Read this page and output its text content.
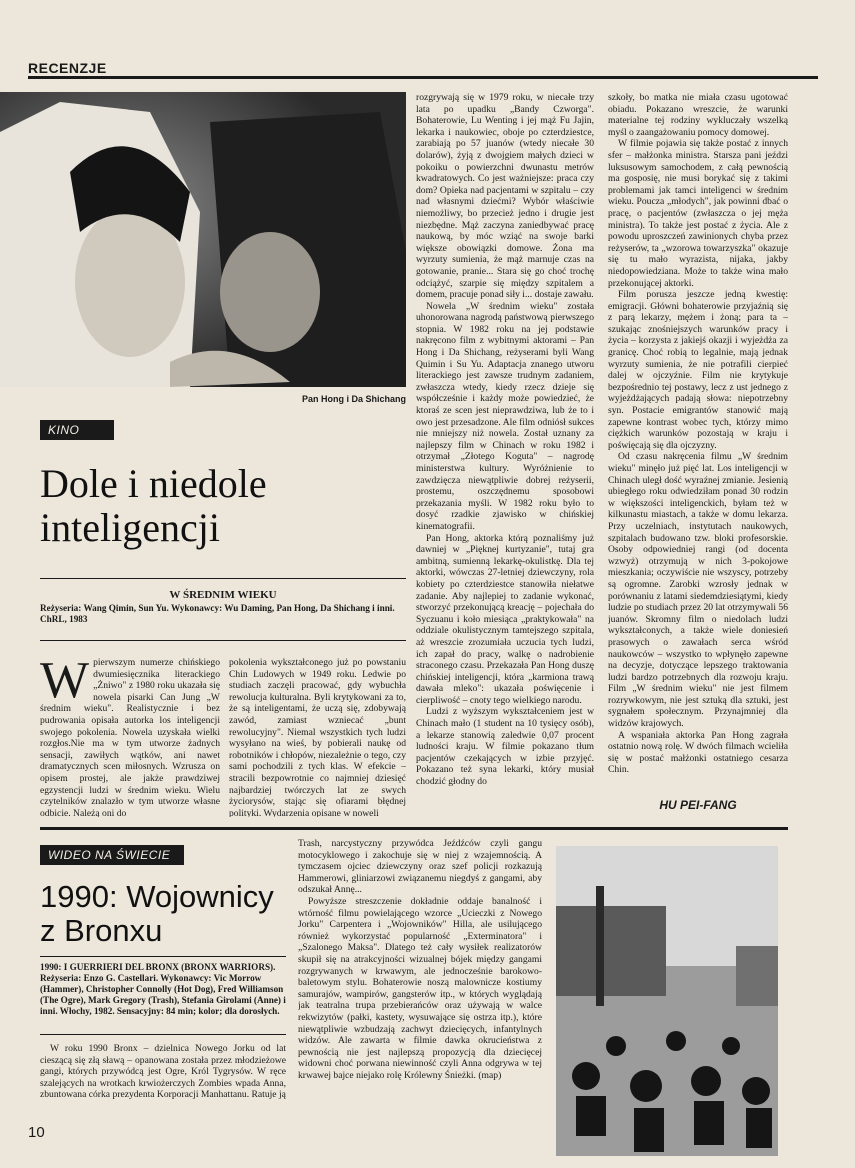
RECENZJE
Pan Hong i Da Shichang
KINO
Dole i niedole inteligencji
W ŚREDNIM WIEKU
Reżyseria: Wang Qimin, Sun Yu. Wykonawcy: Wu Daming, Pan Hong, Da Shichang i inni. ChRL, 1983
W pierwszym numerze chińskiego dwumiesięcznika literackiego „Żniwo" z 1980 roku ukazała się nowela pisarki Can Jung „W średnim wieku". Realistycznie i bez pudrowania opisała autorka los inteligencji swojego pokolenia. Nowela uzyskała wielki rozgłos.Nie ma w tym utworze żadnych sensacji, zawiłych wątków, ani nawet dramatycznych scen miłosnych. Wzrusza on opisem prostej, ale jakże prawdziwej egzystencji ludzi w średnim wieku. Wielu czytelników znalazło w tym utworze własne odbicie. Należą oni do
pokolenia wykształconego już po powstaniu Chin Ludowych w 1949 roku. Ledwie po studiach zaczęli pracować, gdy wybuchła rewolucja kulturalna. Byli krytykowani za to, że są inteligentami, że uczą się, zdobywają zawód, zamiast wzniecać „bunt rewolucyjny". Niemal wszystkich tych ludzi wysyłano na wieś, by pobierali naukę od robotników i chłopów, niezależnie o tego, czy sami pochodzili z tych klas. W efekcie – stracili bezpowrotnie co najmniej dziesięć najbardziej twórczych lat ze swych życiorysów, stając się ofiarami błędnej polityki. Wydarzenia opisane w noweli

rozgrywają się w 1979 roku, w niecałe trzy lata po upadku „Bandy Czworga". Bohaterowie, Lu Wenting i jej mąż Fu Jajin, lekarka i naukowiec, oboje po czterdziestce, zarabiają po 57 juanów (wtedy niecałe 30 dolarów), żyją z dwojgiem małych dzieci w pokoiku o powierzchni dwunastu metrów kwadratowych. Co jest ważniejsze: praca czy dom? Opieka nad pacjentami w szpitalu – czy nad własnymi dziećmi? Wybór właściwie niemożliwy, bo przecież jedno i drugie jest niezbędne. Mąż zaczyna zaniedbywać pracę naukową, by móc wziąć na swoje barki większe obowiązki domowe. Żona ma wyrzuty sumienia, że mąż marnuje czas na gotowanie, pranie... Stara się go choć trochę odciążyć, szarpie się między szpitalem a domem, pracuje ponad siły i... dostaje zawału.

Nowela „W średnim wieku" została uhonorowana nagrodą państwową pierwszego stopnia. W 1982 roku na jej podstawie nakręcono film z wybitnymi aktorami – Pan Hong i Da Shichang, reżyserami byli Wang Quimin i Su Yu. Adaptacja znanego utworu literackiego jest zawsze trudnym zadaniem, zwłaszcza wtedy, kiedy rzecz dzieje się współcześnie i każdy może powiedzieć, że ktoraś ze scen jest nieprawdziwa, lub że to i owo jest przesadzone. Ale film odniósł sukces nie mniejszy niż nowela. Został uznany za najlepszy film w Chinach w roku 1982 i otrzymał „Złotego Koguta" – nagrodę ministerstwa kultury. Wyróżnienie to zawdzięcza niewątpliwie dobrej reżyserii, prostemu, oszczędnemu sposobowi przekazania myśli. W 1982 roku było to dosyć rzadkie zjawisko w chińskiej kinematografii.

Pan Hong, aktorka którą poznaliśmy już dawniej w „Pięknej kurtyzanie", tutaj gra ambitną, sumienną lekarkę-okulistkę. Dla tej aktorki, wówczas 27-letniej dziewczyny, rola kobiety po czterdziestce stanowiła niełatwe zadanie. Aby najlepiej to zadanie wykonać, stworzyć przekonującą kreację – pojechała do Syczuanu i koło miesiąca „praktykowała" na oddziale okulistycznym tamtejszego szpitala, aż wreszcie zrozumiała uczucia tych ludzi, ich zapał do pracy, walkę o nadrobienie straconego czasu. Przekazała Pan Hong duszę chińskiej inteligencji, która „karmiona trawą dawała mleko": ukazała poświęcenie i cierpliwość – cnoty tego wielkiego narodu.

Ludzi z wyższym wykształceniem jest w Chinach mało (1 student na 10 tysięcy osób), a lekarze stanowią zaledwie 0,07 procent ludności kraju. W filmie pokazano tłum pacjentów czekających w izbie przyjęć. Pokazano też syna lekarki, który musiał chodzić głodny do

szkoły, bo matka nie miała czasu ugotować obiadu. Pokazano wreszcie, że warunki materialne tej rodziny wykluczały wszelką myśl o zaangażowaniu pomocy domowej.

W filmie pojawia się także postać z innych sfer – małżonka ministra. Starsza pani jeździ luksusowym samochodem, z całą pewnością ma gosposię, nie musi borykać się z takimi problemami jak tamci inteligenci w średnim wieku. Poucza „młodych", jak powinni dbać o pracę, o pacjentów (zwłaszcza o jej męża ministra). To także jest postać z życia. Ale z powodu uproszczeń zawinionych chyba przez reżyserów, ta „wzorowa towarzyszka" okazuje się tu mało wyrazista, nijaka, jakby niedopowiedziana. Może to także wina mało przekonującej aktorki.

Film porusza jeszcze jedną kwestię: emigracji. Główni bohaterowie przyjaźnią się z parą lekarzy, mężem i żoną; para ta – szukając znośniejszych warunków pracy i życia – korzysta z jakiejś okazji i wyjeżdża za granicę. Choć robią to legalnie, mają jednak wyrzuty sumienia, że nie potrafili cierpieć dalej w ojczyźnie. Film nie krytykuje bezpośrednio tej postawy, lecz z ust jednego z wyjeżdżających padają słowa: niepotrzebny syn. Postacie emigrantów stanowić mają zapewne kontrast wobec tych, którzy mimo ciężkich warunków pozostają w kraju i poświęcają się dla ojczyzny.

Od czasu nakręcenia filmu „W średnim wieku" minęło już pięć lat. Los inteligencji w Chinach uległ dość wyraźnej zmianie. Jesienią ubiegłego roku odwiedziłam ponad 30 rodzin w większości inteligenckich, byłam też w kilkunastu miastach, a także w domu lekarza. Przy uczelniach, instytutach naukowych, szpitalach budowano tzw. bloki profesorskie. Osoby odpowiedniej rangi (od docenta wzwyż) otrzymują w nich 3-pokojowe mieszkania; oczywiście nie wszyscy, potrzeby są ogromne. Zarobki wzrosły jednak w porównaniu z latami siedemdziesiątymi, kiedy ludzie po studiach przez 20 lat otrzymywali 56 juanów. Skromny film o niedolach ludzi wykształconych, a także wiele doniesień prasowych o zawałach serca wśród naukowców – wszystko to wpłynęło zapewne na decyzje, dotyczące lepszego traktowania ludzi bardzo potrzebnych dla rozwoju kraju. Film „W średnim wieku" nie jest filmem rozrywkowym, nie jest sztuką dla sztuki, jest sygnałem społecznym. Przynajmniej dla widzów krajowych.

A wspaniała aktorka Pan Hong zagrała ostatnio nową rolę. W dwóch filmach wcieliła się w postać małżonki ostatniego cesarza Chin.

HU PEI-FANG
WIDEO NA ŚWIECIE
1990: Wojownicy z Bronxu
1990: I GUERRIERI DEL BRONX (BRONX WARRIORS). Reżyseria: Enzo G. Castellari. Wykonawcy: Vic Morrow (Hammer), Christopher Connolly (Hot Dog), Fred Williamson (The Ogre), Mark Gregory (Trash), Stefania Girolami (Anne) i inni. Włochy, 1982. Sensacyjny: 84 min; kolor; dla dorosłych.

W roku 1990 Bronx – dzielnica Nowego Jorku od lat cieszącą się złą sławą – opanowana została przez młodzieżowe gangi, których przywódcą jest Ogre, Król Tygrysów. W ręce szalejących na wrotkach krwiożerczych Zombies wpada Anna, zbuntowana córka prezydenta Korporacji Manhattanu. Ratuje ją

Trash, narcystyczny przywódca Jeźdźców czyli gangu motocyklowego i zakochuje się w niej z wzajemnością. A tymczasem ojciec dziewczyny oraz szef policji rozkazują Hammerowi, gliniarzowi związanemu niegdyś z gangami, aby odszukał Annę...

Powyższe streszczenie dokładnie oddaje banalność i wtórność filmu powielającego wzorce „Ucieczki z Nowego Jorku" Carpentera i „Wojowników" Hilla, ale usilującego również wykorzystać popularność „Exterminatora" i „Szalonego Maksa". Dlatego też cały wysiłek realizatorów skupił się na atrakcyjności wizualnej bójek między gangami rozgrywanych w krwawym, ale jednocześnie barokowo-baletowym stylu. Bohaterowie noszą malownicze kostiumy samurajów, wampirów, gangsterów itp., w których wyglądają jak teatralna trupa przebierańców oraz używają w walce rekwizytów (pałki, kastety, wysuwające się ostrza itp.), które niewątpliwie wzbudzają zachwyt dziecięcych, infantylnych widzów. Ale zawarta w filmie dawka okrucieństwa z pewnością nie jest najlepszą propozycją dla dziecięcej widowni choć porwana niewinność czyli Anna odgrywa w tej krwawej bajce niejako rolę Królewny Śnieżki. (map)

10
